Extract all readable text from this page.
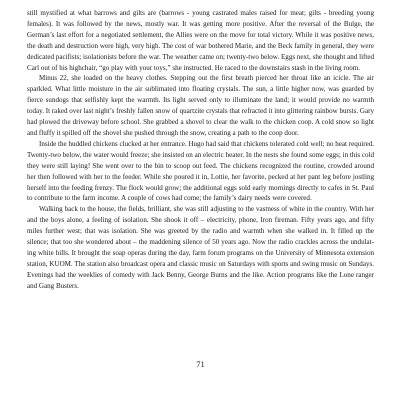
still mystified at what barrows and gilts are (barrows - young castrated males raised for meat; gilts - breeding young females). It was followed by the news, mostly war. It was getting more positive. After the reversal of the Bulge, the German’s last effort for a negotiated settlement, the Allies were on the move for total victory. While it was positive news, the death and destruction were high, very high. The cost of war bothered Marie, and the Beck family in general, they were dedicated pacifists; isolationists before the war. The weather came on; twenty-two below. Eggs next, she thought and lifted Carl out of his highchair, “go play with your toys,” she instructed. He raced to the downstairs stash in the living room.

Minus 22, she loaded on the heavy clothes. Stepping out the first breath pierced her throat like an icicle. The air sparkled. What little moisture in the air sublimated into floating crystals. The sun, a little higher now, was guarded by fierce sundogs that selfishly kept the warmth. Its light served only to illuminate the land; it would provide no warmth today. It raked over last night’s freshly fallen snow of quartzite crystals that refracted it into glittering rainbow bursts. Gary had plowed the driveway before school. She grabbed a shovel to clear the walk to the chicken coop. A cold snow so light and fluffy it spilled off the shovel she pushed through the snow, creating a path to the coop door.

Inside the huddled chickens clucked at her entrance. Hugo had said that chickens tolerated cold well; no heat required. Twenty-two below, the water would freeze; she insisted on an electric heater. In the nests she found some eggs; in this cold they were still laying! She went over to the bin to scoop out feed. The chickens recognized the routine, crowded around her then followed with her to the feeder. While she poured it in, Lottie, her favorite, pecked at her pant leg before jostling herself into the feeding frenzy. The flock would grow; the additional eggs sold early mornings directly to cafes in St. Paul to contribute to the farm income. A couple of cows had come; the family’s dairy needs were covered.

Walking back to the house, the fields, brilliant, she was still adjusting to the vastness of white in the country. With her and the boys alone, a feeling of isolation. She shook it off – electricity, phone, Iron fireman. Fifty years ago, and fifty miles further west; that was isolation. She was greeted by the radio and warmth when she walked in. It filled up the silence; that too she wondered about – the maddening silence of 50 years ago. Now the radio crackles across the undulating white hills. It brought the soap operas during the day, farm forum programs on the University of Minnesota extension station, KUOM. The station also broadcast opera and classic music on Saturdays with sports and swing music on Sundays. Evenings had the weeklies of comedy with Jack Benny, George Burns and the like. Action programs like the Lone ranger and Gang Busters.

71
